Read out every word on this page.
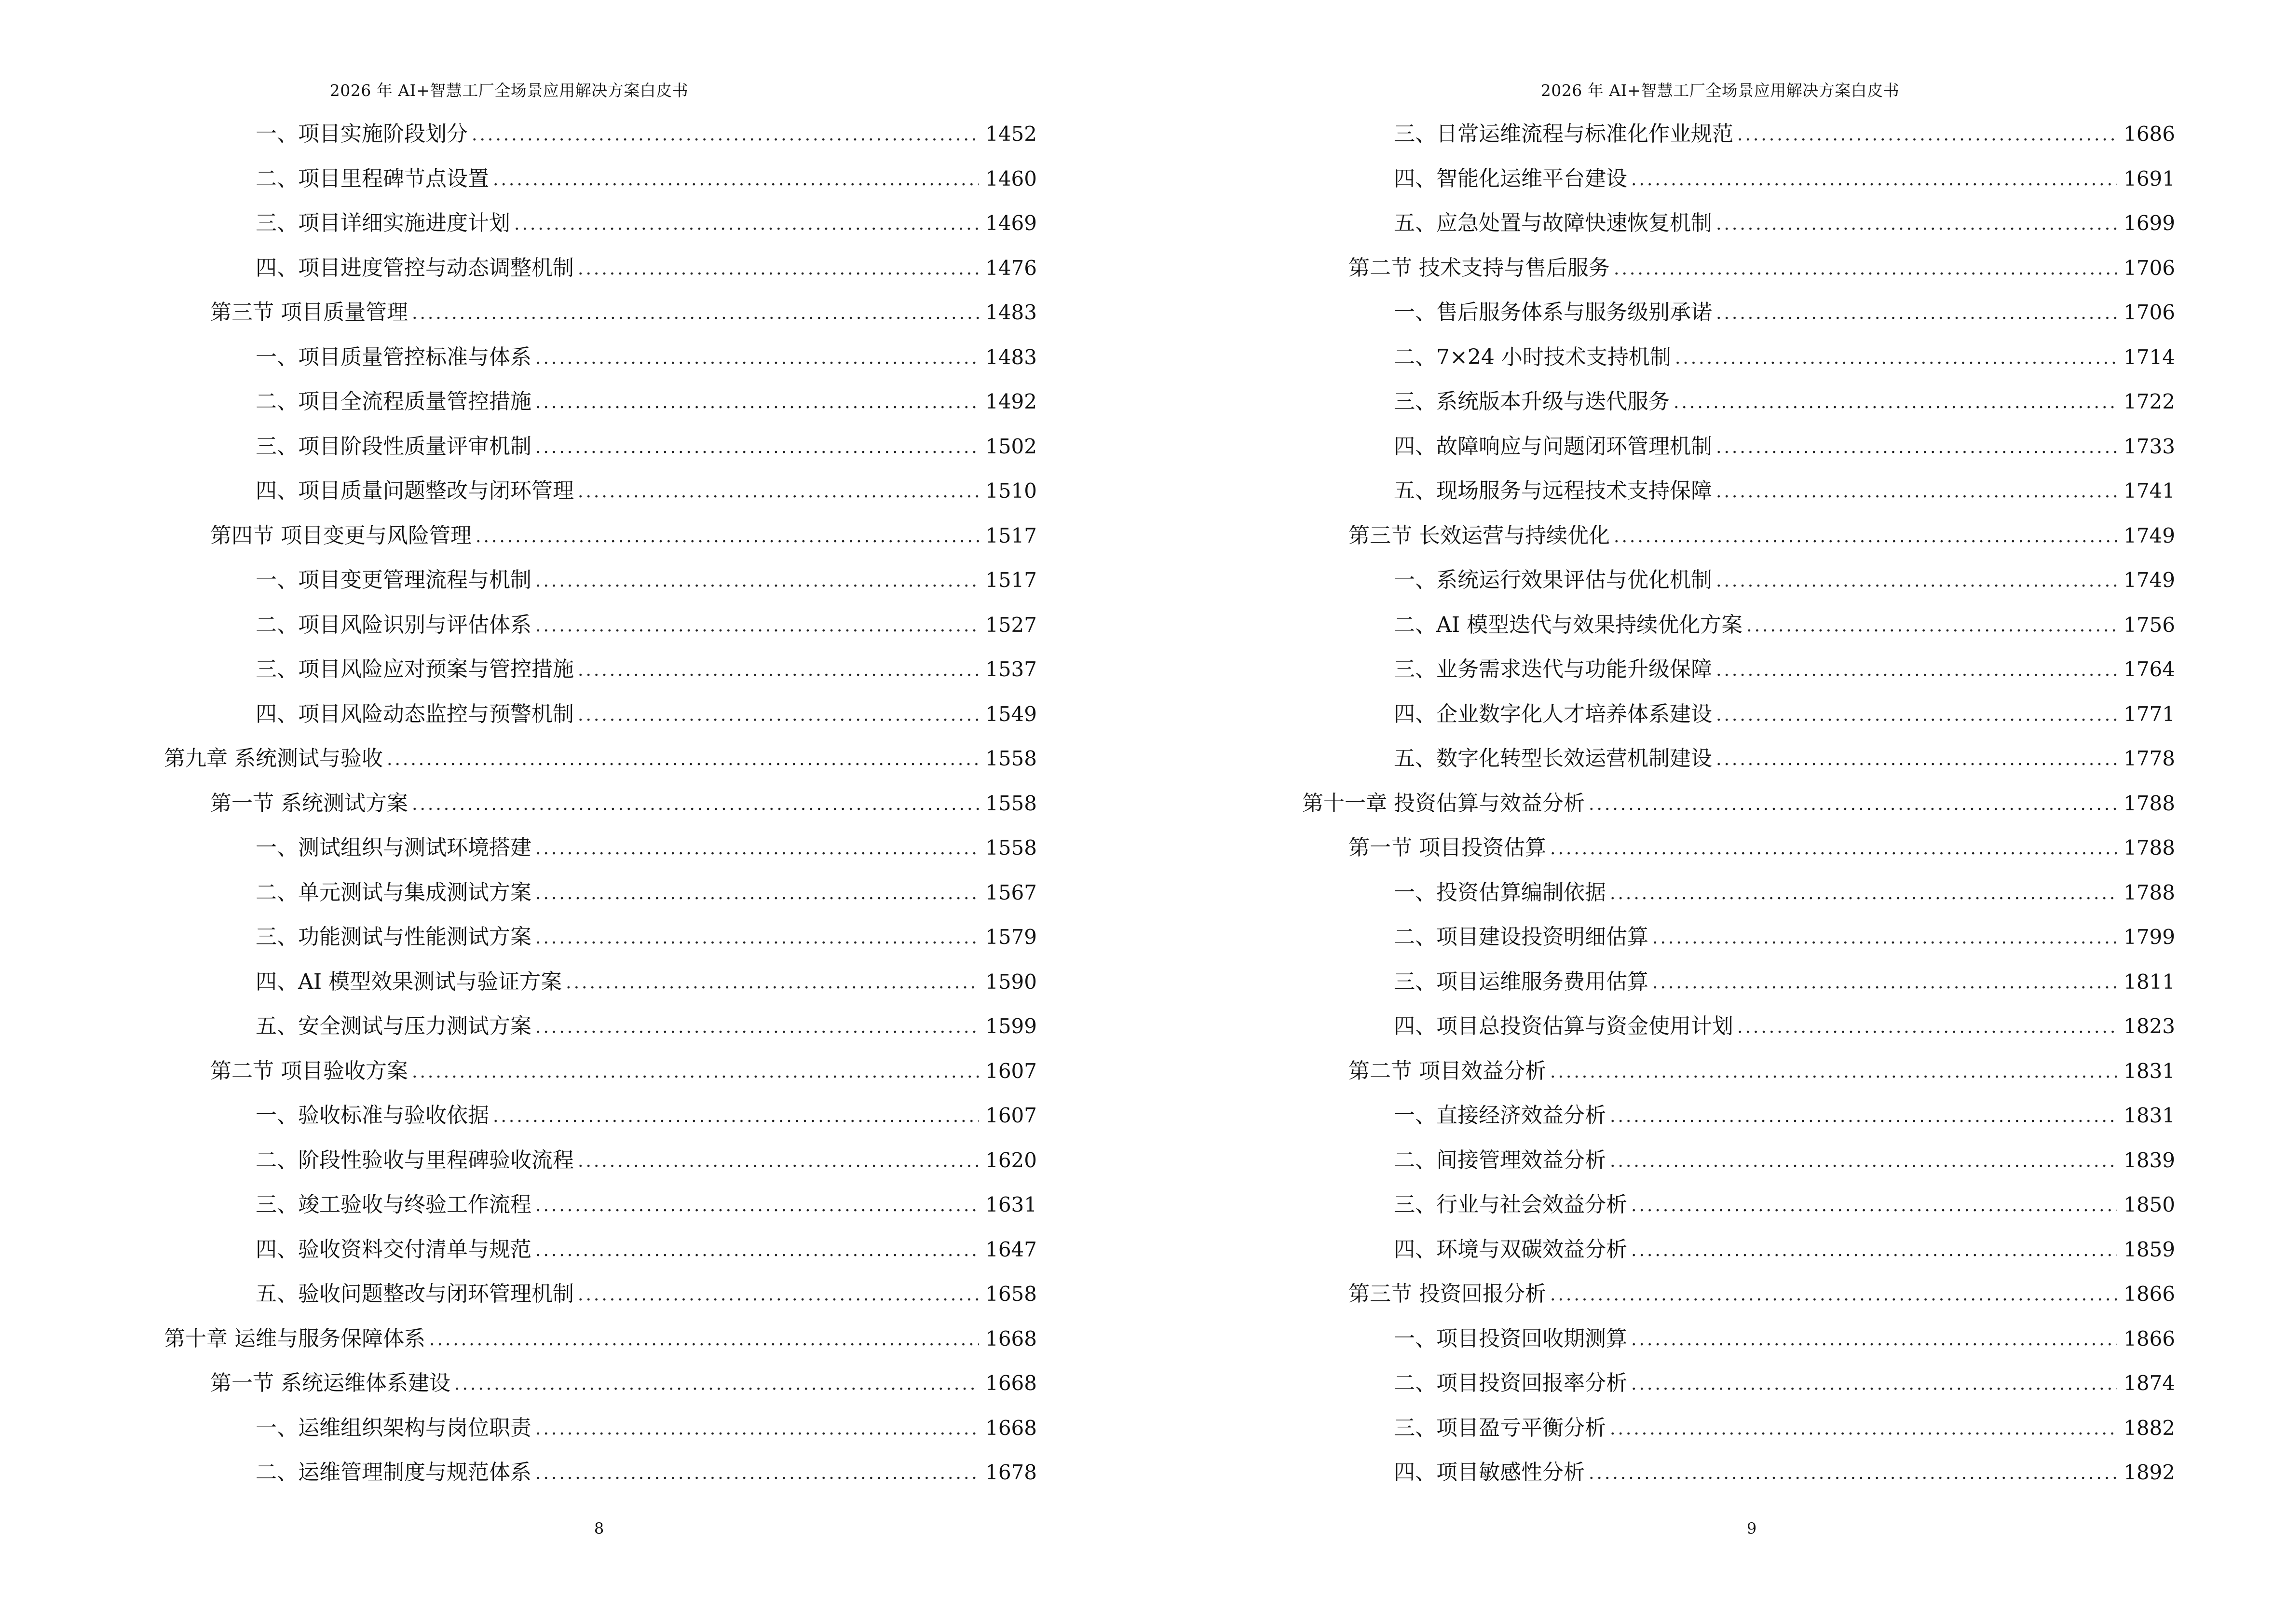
2026 年 AI+智慧工厂全场景应用解决方案白皮书
一、项目实施阶段划分 .....	1452
二、项目里程碑节点设置 .....	1460
三、项目详细实施进度计划 .....	1469
四、项目进度管控与动态调整机制 .....	1476
第三节 项目质量管理 .....	1483
一、项目质量管控标准与体系 .....	1483
二、项目全流程质量管控措施 .....	1492
三、项目阶段性质量评审机制 .....	1502
四、项目质量问题整改与闭环管理 .....	1510
第四节 项目变更与风险管理 .....	1517
一、项目变更管理流程与机制 .....	1517
二、项目风险识别与评估体系 .....	1527
三、项目风险应对预案与管控措施 .....	1537
四、项目风险动态监控与预警机制 .....	1549
第九章 系统测试与验收 .....	1558
第一节 系统测试方案 .....	1558
一、测试组织与测试环境搭建 .....	1558
二、单元测试与集成测试方案 .....	1567
三、功能测试与性能测试方案 .....	1579
四、AI 模型效果测试与验证方案 .....	1590
五、安全测试与压力测试方案 .....	1599
第二节 项目验收方案 .....	1607
一、验收标准与验收依据 .....	1607
二、阶段性验收与里程碑验收流程 .....	1620
三、竣工验收与终验工作流程 .....	1631
四、验收资料交付清单与规范 .....	1647
五、验收问题整改与闭环管理机制 .....	1658
第十章 运维与服务保障体系 .....	1668
第一节 系统运维体系建设 .....	1668
一、运维组织架构与岗位职责 .....	1668
二、运维管理制度与规范体系 .....	1678
8
2026 年 AI+智慧工厂全场景应用解决方案白皮书
三、日常运维流程与标准化作业规范 .....	1686
四、智能化运维平台建设 .....	1691
五、应急处置与故障快速恢复机制 .....	1699
第二节 技术支持与售后服务 .....	1706
一、售后服务体系与服务级别承诺 .....	1706
二、7×24 小时技术支持机制 .....	1714
三、系统版本升级与迭代服务 .....	1722
四、故障响应与问题闭环管理机制 .....	1733
五、现场服务与远程技术支持保障 .....	1741
第三节 长效运营与持续优化 .....	1749
一、系统运行效果评估与优化机制 .....	1749
二、AI 模型迭代与效果持续优化方案 .....	1756
三、业务需求迭代与功能升级保障 .....	1764
四、企业数字化人才培养体系建设 .....	1771
五、数字化转型长效运营机制建设 .....	1778
第十一章 投资估算与效益分析 .....	1788
第一节 项目投资估算 .....	1788
一、投资估算编制依据 .....	1788
二、项目建设投资明细估算 .....	1799
三、项目运维服务费用估算 .....	1811
四、项目总投资估算与资金使用计划 .....	1823
第二节 项目效益分析 .....	1831
一、直接经济效益分析 .....	1831
二、间接管理效益分析 .....	1839
三、行业与社会效益分析 .....	1850
四、环境与双碳效益分析 .....	1859
第三节 投资回报分析 .....	1866
一、项目投资回收期测算 .....	1866
二、项目投资回报率分析 .....	1874
三、项目盈亏平衡分析 .....	1882
四、项目敏感性分析 .....	1892
9
